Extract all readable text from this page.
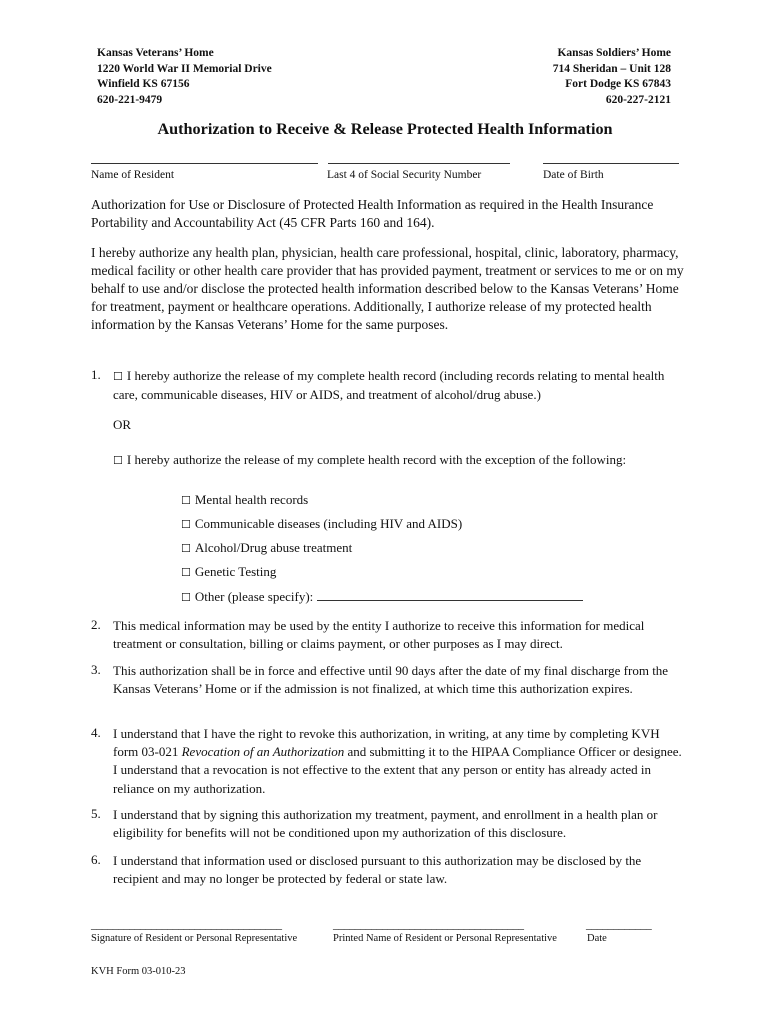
Kansas Veterans’ Home
1220 World War II Memorial Drive
Winfield KS 67156
620-221-9479
Kansas Soldiers’ Home
714 Sheridan – Unit 128
Fort Dodge KS 67843
620-227-2121
Authorization to Receive & Release Protected Health Information
Name of Resident	Last 4 of Social Security Number	Date of Birth
Authorization for Use or Disclosure of Protected Health Information as required in the Health Insurance Portability and Accountability Act (45 CFR Parts 160 and 164).
I hereby authorize any health plan, physician, health care professional, hospital, clinic, laboratory, pharmacy, medical facility or other health care provider that has provided payment, treatment or services to me or on my behalf to use and/or disclose the protected health information described below to the Kansas Veterans’ Home for treatment, payment or healthcare operations. Additionally, I authorize release of my protected health information by the Kansas Veterans’ Home for the same purposes.
1. ☐ I hereby authorize the release of my complete health record (including records relating to mental health care, communicable diseases, HIV or AIDS, and treatment of alcohol/drug abuse.)
OR
☐ I hereby authorize the release of my complete health record with the exception of the following:
☐ Mental health records
☐ Communicable diseases (including HIV and AIDS)
☐ Alcohol/Drug abuse treatment
☐ Genetic Testing
☐ Other (please specify):
2. This medical information may be used by the entity I authorize to receive this information for medical treatment or consultation, billing or claims payment, or other purposes as I may direct.
3. This authorization shall be in force and effective until 90 days after the date of my final discharge from the Kansas Veterans’ Home or if the admission is not finalized, at which time this authorization expires.
4. I understand that I have the right to revoke this authorization, in writing, at any time by completing KVH form 03-021 Revocation of an Authorization and submitting it to the HIPAA Compliance Officer or designee. I understand that a revocation is not effective to the extent that any person or entity has already acted in reliance on my authorization.
5. I understand that by signing this authorization my treatment, payment, and enrollment in a health plan or eligibility for benefits will not be conditioned upon my authorization of this disclosure.
6. I understand that information used or disclosed pursuant to this authorization may be disclosed by the recipient and may no longer be protected by federal or state law.
___________________________________	___________________________________	____________
Signature of Resident or Personal Representative	Printed Name of Resident or Personal Representative	Date
KVH Form 03-010-23
